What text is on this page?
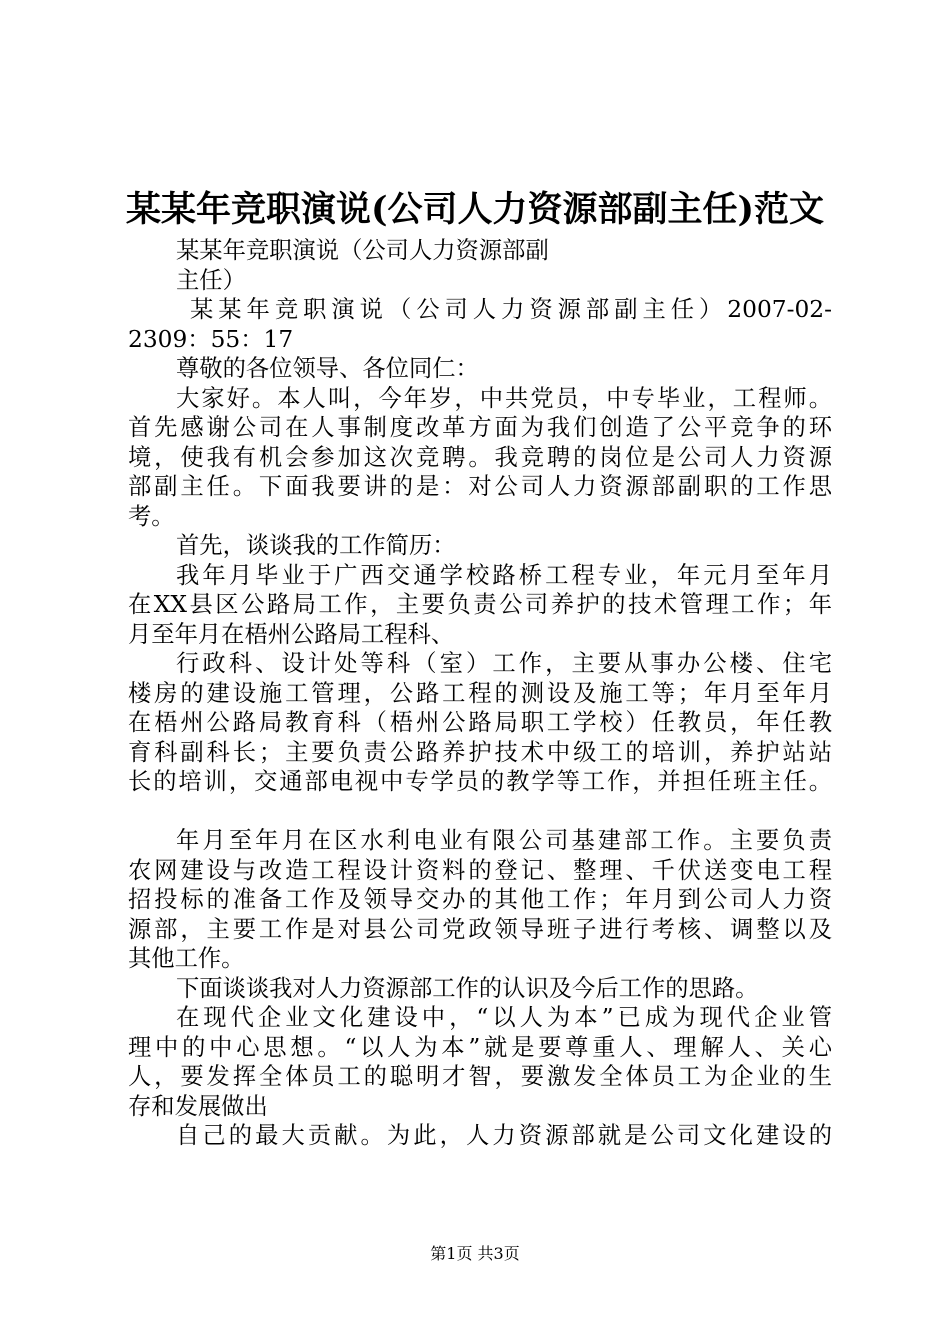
某某年竞职演说(公司人力资源部副主任)范文
某某年竞职演说（公司人力资源部副
主任）
某某年竞职演说（公司人力资源部副主任）2007-02-
2309：55：17
尊敬的各位领导、各位同仁：
大家好。本人叫，今年岁，中共党员，中专毕业，工程师。
首先感谢公司在人事制度改革方面为我们创造了公平竞争的环
境，使我有机会参加这次竞聘。我竞聘的岗位是公司人力资源
部副主任。下面我要讲的是：对公司人力资源部副职的工作思
考。
首先，谈谈我的工作简历：
我年月毕业于广西交通学校路桥工程专业，年元月至年月
在XX县区公路局工作，主要负责公司养护的技术管理工作；年
月至年月在梧州公路局工程科、
行政科、设计处等科（室）工作，主要从事办公楼、住宅
楼房的建设施工管理，公路工程的测设及施工等；年月至年月
在梧州公路局教育科（梧州公路局职工学校）任教员，年任教
育科副科长；主要负责公路养护技术中级工的培训，养护站站
长的培训，交通部电视中专学员的教学等工作，并担任班主任。
年月至年月在区水利电业有限公司基建部工作。主要负责
农网建设与改造工程设计资料的登记、整理、千伏送变电工程
招投标的准备工作及领导交办的其他工作；年月到公司人力资
源部，主要工作是对县公司党政领导班子进行考核、调整以及
其他工作。
下面谈谈我对人力资源部工作的认识及今后工作的思路。
在现代企业文化建设中，“以人为本”已成为现代企业管
理中的中心思想。“以人为本”就是要尊重人、理解人、关心
人，要发挥全体员工的聪明才智，要激发全体员工为企业的生
存和发展做出
自己的最大贡献。为此，人力资源部就是公司文化建设的
第1页 共3页
